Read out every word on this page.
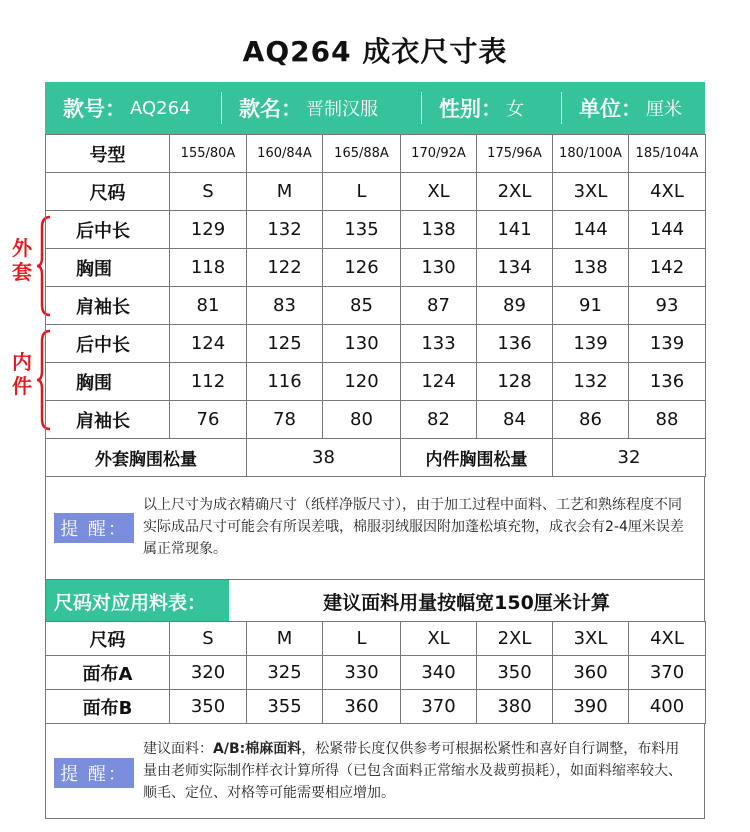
AQ264 成衣尺寸表
款号： AQ264 款名： 晋制汉服	性别： 女	单位： 厘米
外套
内件
号型	155/80A	160/84A	165/88A	170/92A	175/96A	180/100A	185/104A
尺码	S	M	L	XL	2XL	3XL	4XL
后中长	129	132	135	138	141	144	144
胸围	118	122	126	130	134	138	142
肩袖长	81	83	85	87	89	91	93
后中长	124	125	130	133	136	139	139
胸围	112	116	120	124	128	132	136
肩袖长	76	78	80	82	84	86	88
外套胸围松量		38		内件胸围松量		32	
提 醒：
以上尺寸为成衣精确尺寸（纸样净版尺寸），由于加工过程中面料、工艺和熟练程度不同实际成品尺寸可能会有所误差哦，棉服羽绒服因附加蓬松填充物，成衣会有2-4厘米误差属正常现象。
尺码对应用料表：	建议面料用量按幅宽150厘米计算
尺码	S	M	L	XL	2XL	3XL	4XL
面布A	320	325	330	340	350	360	370
面布B	350	355	360	370	380	390	400
提 醒：
建议面料：A/B:棉麻面料，松紧带长度仅供参考可根据松紧性和喜好自行调整，布料用量由老师实际制作样衣计算所得（已包含面料正常缩水及裁剪损耗），如面料缩率较大、顺毛、定位、对格等可能需要相应增加。
